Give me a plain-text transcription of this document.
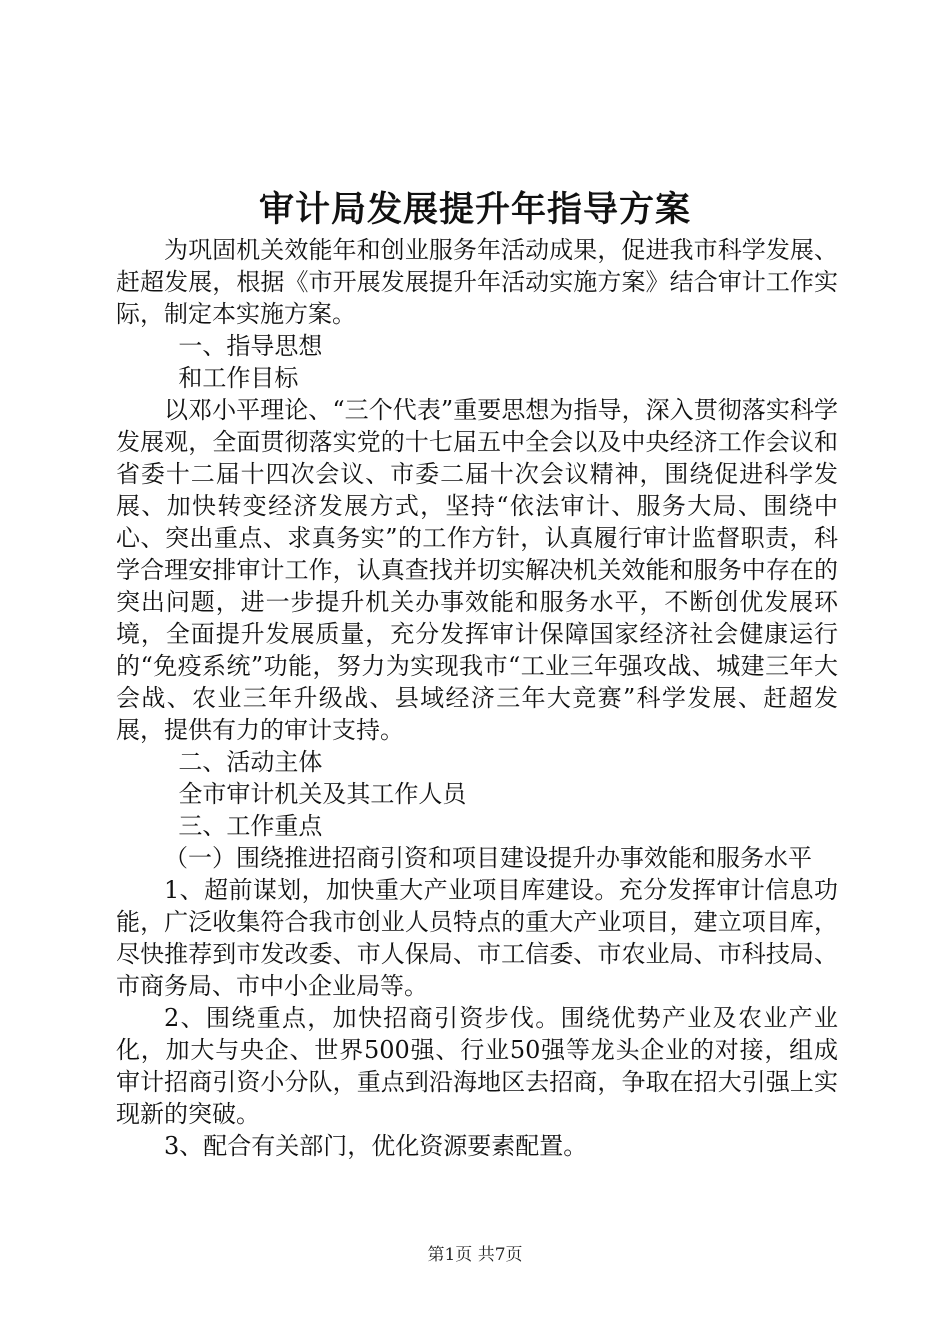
审计局发展提升年指导方案

为巩固机关效能年和创业服务年活动成果，促进我市科学发展、赶超发展，根据《市开展发展提升年活动实施方案》结合审计工作实际，制定本实施方案。

一、指导思想

和工作目标

以邓小平理论、“三个代表”重要思想为指导，深入贯彻落实科学发展观，全面贯彻落实党的十七届五中全会以及中央经济工作会议和省委十二届十四次会议、市委二届十次会议精神，围绕促进科学发展、加快转变经济发展方式，坚持“依法审计、服务大局、围绕中心、突出重点、求真务实”的工作方针，认真履行审计监督职责，科学合理安排审计工作，认真查找并切实解决机关效能和服务中存在的突出问题，进一步提升机关办事效能和服务水平，不断创优发展环境，全面提升发展质量，充分发挥审计保障国家经济社会健康运行的“免疫系统”功能，努力为实现我市“工业三年强攻战、城建三年大会战、农业三年升级战、县域经济三年大竞赛”科学发展、赶超发展，提供有力的审计支持。

二、活动主体

全市审计机关及其工作人员

三、工作重点

（一）围绕推进招商引资和项目建设提升办事效能和服务水平

1、超前谋划，加快重大产业项目库建设。充分发挥审计信息功能，广泛收集符合我市创业人员特点的重大产业项目，建立项目库，尽快推荐到市发改委、市人保局、市工信委、市农业局、市科技局、市商务局、市中小企业局等。

2、围绕重点，加快招商引资步伐。围绕优势产业及农业产业化，加大与央企、世界500强、行业50强等龙头企业的对接，组成审计招商引资小分队，重点到沿海地区去招商，争取在招大引强上实现新的突破。

3、配合有关部门，优化资源要素配置。

第1页 共7页
